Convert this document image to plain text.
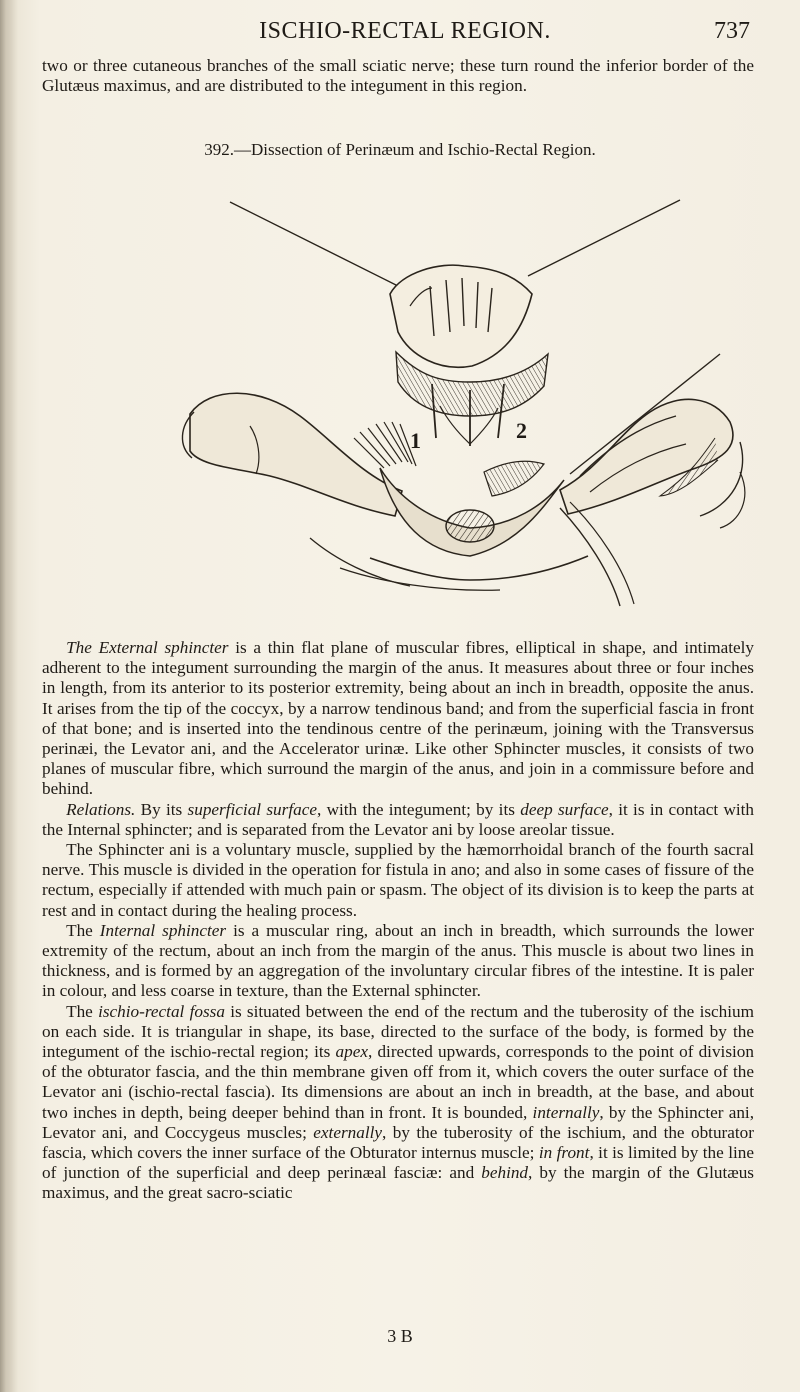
ISCHIO-RECTAL REGION.	737

two or three cutaneous branches of the small sciatic nerve; these turn round the inferior border of the Glutæus maximus, and are distributed to the integument in this region.

392.—Dissection of Perinæum and Ischio-Rectal Region.
1	2

The External sphincter is a thin flat plane of muscular fibres, elliptical in shape, and intimately adherent to the integument surrounding the margin of the anus. It measures about three or four inches in length, from its anterior to its posterior extremity, being about an inch in breadth, opposite the anus. It arises from the tip of the coccyx, by a narrow tendinous band; and from the superficial fascia in front of that bone; and is inserted into the tendinous centre of the perinæum, joining with the Transversus perinæi, the Levator ani, and the Accelerator urinæ. Like other Sphincter muscles, it consists of two planes of muscular fibre, which surround the margin of the anus, and join in a commissure before and behind.

Relations. By its superficial surface, with the integument; by its deep surface, it is in contact with the Internal sphincter; and is separated from the Levator ani by loose areolar tissue.

The Sphincter ani is a voluntary muscle, supplied by the hæmorrhoidal branch of the fourth sacral nerve. This muscle is divided in the operation for fistula in ano; and also in some cases of fissure of the rectum, especially if attended with much pain or spasm. The object of its division is to keep the parts at rest and in contact during the healing process.

The Internal sphincter is a muscular ring, about an inch in breadth, which surrounds the lower extremity of the rectum, about an inch from the margin of the anus. This muscle is about two lines in thickness, and is formed by an aggregation of the involuntary circular fibres of the intestine. It is paler in colour, and less coarse in texture, than the External sphincter.

The ischio-rectal fossa is situated between the end of the rectum and the tuberosity of the ischium on each side. It is triangular in shape, its base, directed to the surface of the body, is formed by the integument of the ischio-rectal region; its apex, directed upwards, corresponds to the point of division of the obturator fascia, and the thin membrane given off from it, which covers the outer surface of the Levator ani (ischio-rectal fascia). Its dimensions are about an inch in breadth, at the base, and about two inches in depth, being deeper behind than in front. It is bounded, internally, by the Sphincter ani, Levator ani, and Coccygeus muscles; externally, by the tuberosity of the ischium, and the obturator fascia, which covers the inner surface of the Obturator internus muscle; in front, it is limited by the line of junction of the superficial and deep perinæal fasciæ: and behind, by the margin of the Glutæus maximus, and the great sacro-sciatic

3 B
